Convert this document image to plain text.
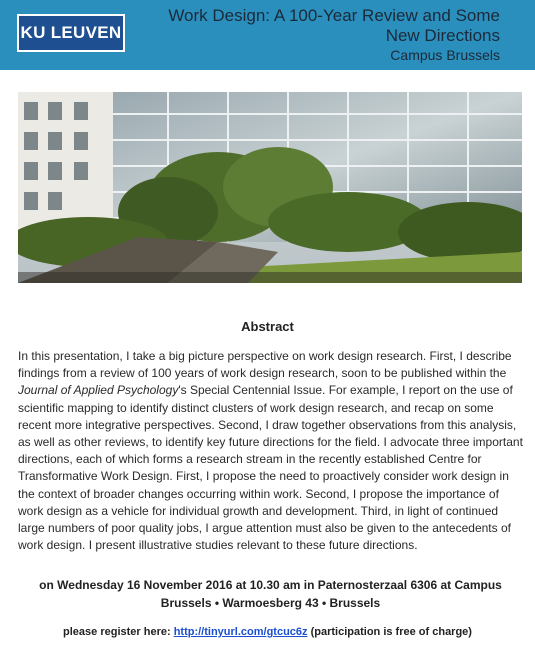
KU LEUVEN
Work Design: A 100-Year Review and Some New Directions
Campus Brussels
Abstract
In this presentation, I take a big picture perspective on work design research. First, I describe findings from a review of 100 years of work design research, soon to be published within the Journal of Applied Psychology's Special Centennial Issue. For example, I report on the use of scientific mapping to identify distinct clusters of work design research, and recap on some recent more integrative perspectives. Second, I draw together observations from this analysis, as well as other reviews, to identify key future directions for the field. I advocate three important directions, each of which forms a research stream in the recently established Centre for Transformative Work Design. First, I propose the need to proactively consider work design in the context of broader changes occurring within work. Second, I propose the importance of work design as a vehicle for individual growth and development. Third, in light of continued large numbers of poor quality jobs, I argue attention must also be given to the antecedents of work design. I present illustrative studies relevant to these future directions.
on Wednesday 16 November 2016 at 10.30 am in Paternosterzaal 6306 at Campus Brussels • Warmoesberg 43 • Brussels
please register here: http://tinyurl.com/gtcuc6z (participation is free of charge)
